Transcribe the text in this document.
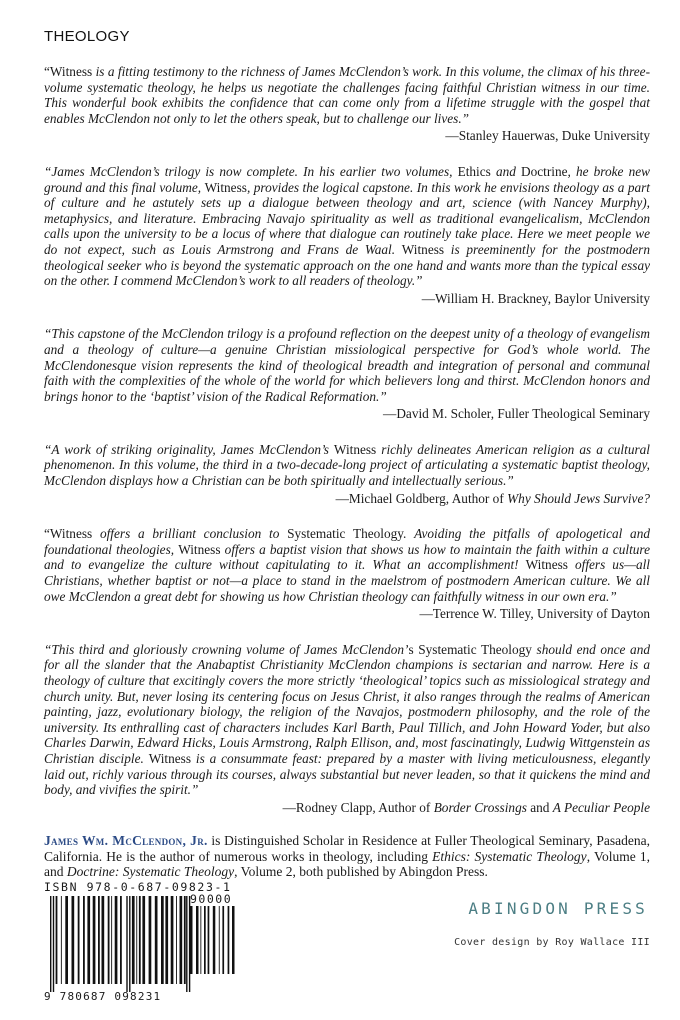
THEOLOGY

“Witness is a fitting testimony to the richness of James McClendon’s work. In this volume, the climax of his three-volume systematic theology, he helps us negotiate the challenges facing faithful Christian witness in our time. This wonderful book exhibits the confidence that can come only from a lifetime struggle with the gospel that enables McClendon not only to let the others speak, but to challenge our lives.”

—Stanley Hauerwas, Duke University

“James McClendon’s trilogy is now complete. In his earlier two volumes, Ethics and Doctrine, he broke new ground and this final volume, Witness, provides the logical capstone. In this work he envisions theology as a part of culture and he astutely sets up a dialogue between theology and art, science (with Nancey Murphy), metaphysics, and literature. Embracing Navajo spirituality as well as traditional evangelicalism, McClendon calls upon the university to be a locus of where that dialogue can routinely take place. Here we meet people we do not expect, such as Louis Armstrong and Frans de Waal. Witness is preeminently for the postmodern theological seeker who is beyond the systematic approach on the one hand and wants more than the typical essay on the other. I commend McClendon’s work to all readers of theology.”

—William H. Brackney, Baylor University

“This capstone of the McClendon trilogy is a profound reflection on the deepest unity of a theology of evangelism and a theology of culture—a genuine Christian missiological perspective for God’s whole world. The McClendonesque vision represents the kind of theological breadth and integration of personal and communal faith with the complexities of the whole of the world for which believers long and thirst. McClendon honors and brings honor to the ‘baptist’ vision of the Radical Reformation.”

—David M. Scholer, Fuller Theological Seminary

“A work of striking originality, James McClendon’s Witness richly delineates American religion as a cultural phenomenon. In this volume, the third in a two-decade-long project of articulating a systematic baptist theology, McClendon displays how a Christian can be both spiritually and intellectually serious.”

—Michael Goldberg, Author of Why Should Jews Survive?

“Witness offers a brilliant conclusion to Systematic Theology. Avoiding the pitfalls of apologetical and foundational theologies, Witness offers a baptist vision that shows us how to maintain the faith within a culture and to evangelize the culture without capitulating to it. What an accomplishment! Witness offers us—all Christians, whether baptist or not—a place to stand in the maelstrom of postmodern American culture. We all owe McClendon a great debt for showing us how Christian theology can faithfully witness in our own era.”

—Terrence W. Tilley, University of Dayton

“This third and gloriously crowning volume of James McClendon’s Systematic Theology should end once and for all the slander that the Anabaptist Christianity McClendon champions is sectarian and narrow. Here is a theology of culture that excitingly covers the more strictly ‘theological’ topics such as missiological strategy and church unity. But, never losing its centering focus on Jesus Christ, it also ranges through the realms of American painting, jazz, evolutionary biology, the religion of the Navajos, postmodern philosophy, and the role of the university. Its enthralling cast of characters includes Karl Barth, Paul Tillich, and John Howard Yoder, but also Charles Darwin, Edward Hicks, Louis Armstrong, Ralph Ellison, and, most fascinatingly, Ludwig Wittgenstein as Christian disciple. Witness is a consummate feast: prepared by a master with living meticulousness, elegantly laid out, richly various through its courses, always substantial but never leaden, so that it quickens the mind and body, and vivifies the spirit.”

—Rodney Clapp, Author of Border Crossings and A Peculiar People

James Wm. McClendon, Jr. is Distinguished Scholar in Residence at Fuller Theological Seminary, Pasadena, California. He is the author of numerous works in theology, including Ethics: Systematic Theology, Volume 1, and Doctrine: Systematic Theology, Volume 2, both published by Abingdon Press.
ISBN 978-0-687-09823-1
90000
9 780687 098231
ABINGDON PRESS
Cover design by Roy Wallace III
